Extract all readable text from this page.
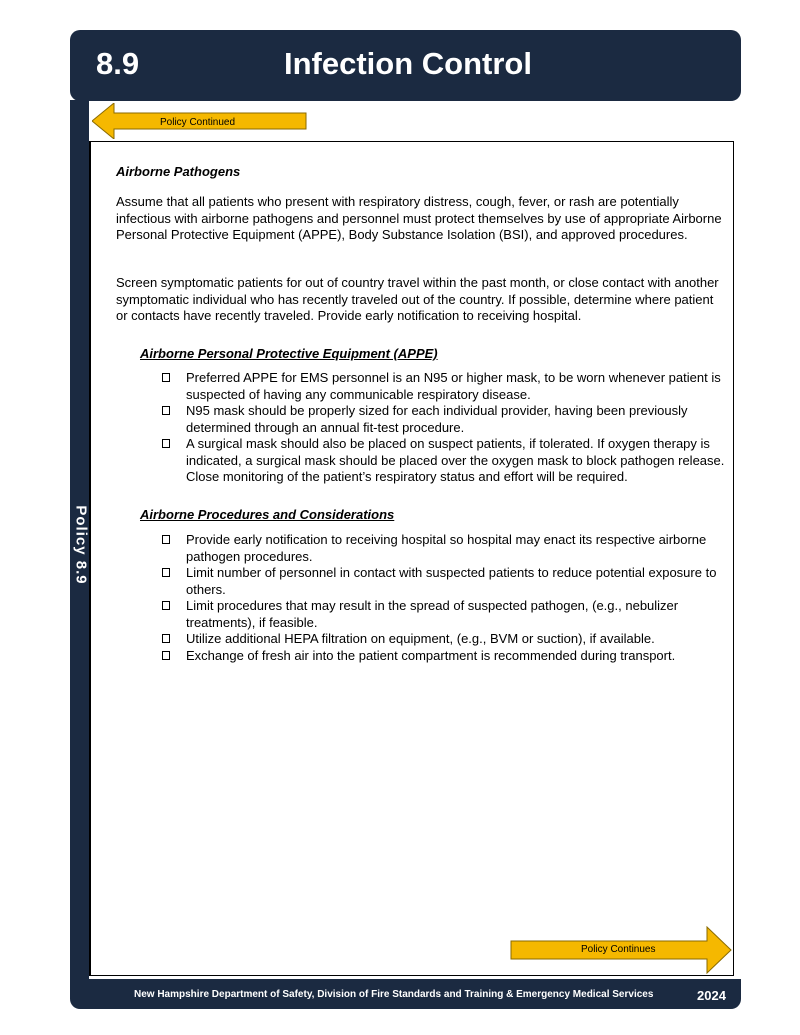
8.9	Infection Control
Policy 8.9
Policy Continued
Policy Continues
Airborne Pathogens
Assume that all patients who present with respiratory distress, cough, fever, or rash are potentially infectious with airborne pathogens and personnel must protect themselves by use of appropriate Airborne Personal Protective Equipment (APPE), Body Substance Isolation (BSI), and approved procedures.
Screen symptomatic patients for out of country travel within the past month, or close contact with another symptomatic individual who has recently traveled out of the country. If possible, determine where patient or contacts have recently traveled. Provide early notification to receiving hospital.
Airborne Personal Protective Equipment (APPE)
Preferred APPE for EMS personnel is an N95 or higher mask, to be worn whenever patient is suspected of having any communicable respiratory disease.
N95 mask should be properly sized for each individual provider, having been previously determined through an annual fit-test procedure.
A surgical mask should also be placed on suspect patients, if tolerated. If oxygen therapy is indicated, a surgical mask should be placed over the oxygen mask to block pathogen release. Close monitoring of the patient’s respiratory status and effort will be required.
Airborne Procedures and Considerations
Provide early notification to receiving hospital so hospital may enact its respective airborne pathogen procedures.
Limit number of personnel in contact with suspected patients to reduce potential exposure to others.
Limit procedures that may result in the spread of suspected pathogen, (e.g., nebulizer treatments), if feasible.
Utilize additional HEPA filtration on equipment, (e.g., BVM or suction), if available.
Exchange of fresh air into the patient compartment is recommended during transport.
New Hampshire Department of Safety, Division of Fire Standards and Training & Emergency Medical Services	2024
